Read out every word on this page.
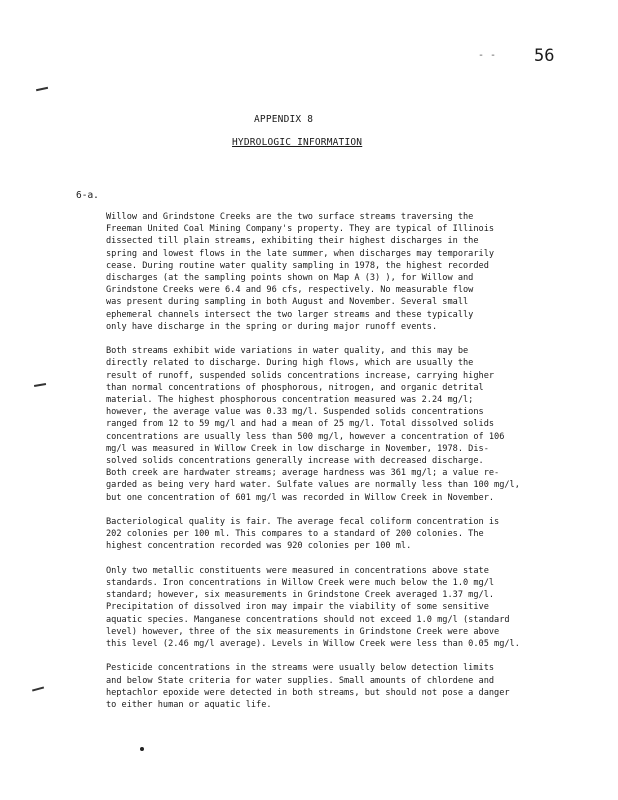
- - 56
APPENDIX 8
HYDROLOGIC INFORMATION
6-a.

Willow and Grindstone Creeks are the two surface streams traversing the
Freeman United Coal Mining Company's property. They are typical of Illinois
dissected till plain streams, exhibiting their highest discharges in the
spring and lowest flows in the late summer, when discharges may temporarily
cease. During routine water quality sampling in 1978, the highest recorded
discharges (at the sampling points shown on Map A (3) ), for Willow and
Grindstone Creeks were 6.4 and 96 cfs, respectively. No measurable flow
was present during sampling in both August and November. Several small
ephemeral channels intersect the two larger streams and these typically
only have discharge in the spring or during major runoff events.

Both streams exhibit wide variations in water quality, and this may be
directly related to discharge. During high flows, which are usually the
result of runoff, suspended solids concentrations increase, carrying higher
than normal concentrations of phosphorous, nitrogen, and organic detrital
material. The highest phosphorous concentration measured was 2.24 mg/l;
however, the average value was 0.33 mg/l. Suspended solids concentrations
ranged from 12 to 59 mg/l and had a mean of 25 mg/l. Total dissolved solids
concentrations are usually less than 500 mg/l, however a concentration of 106
mg/l was measured in Willow Creek in low discharge in November, 1978. Dis-
solved solids concentrations generally increase with decreased discharge.
Both creek are hardwater streams; average hardness was 361 mg/l; a value re-
garded as being very hard water. Sulfate values are normally less than 100 mg/l,
but one concentration of 601 mg/l was recorded in Willow Creek in November.

Bacteriological quality is fair. The average fecal coliform concentration is
202 colonies per 100 ml. This compares to a standard of 200 colonies. The
highest concentration recorded was 920 colonies per 100 ml.

Only two metallic constituents were measured in concentrations above state
standards. Iron concentrations in Willow Creek were much below the 1.0 mg/l
standard; however, six measurements in Grindstone Creek averaged 1.37 mg/l.
Precipitation of dissolved iron may impair the viability of some sensitive
aquatic species. Manganese concentrations should not exceed 1.0 mg/l (standard
level) however, three of the six measurements in Grindstone Creek were above
this level (2.46 mg/l average). Levels in Willow Creek were less than 0.05 mg/l.

Pesticide concentrations in the streams were usually below detection limits
and below State criteria for water supplies. Small amounts of chlordene and
heptachlor epoxide were detected in both streams, but should not pose a danger
to either human or aquatic life.
